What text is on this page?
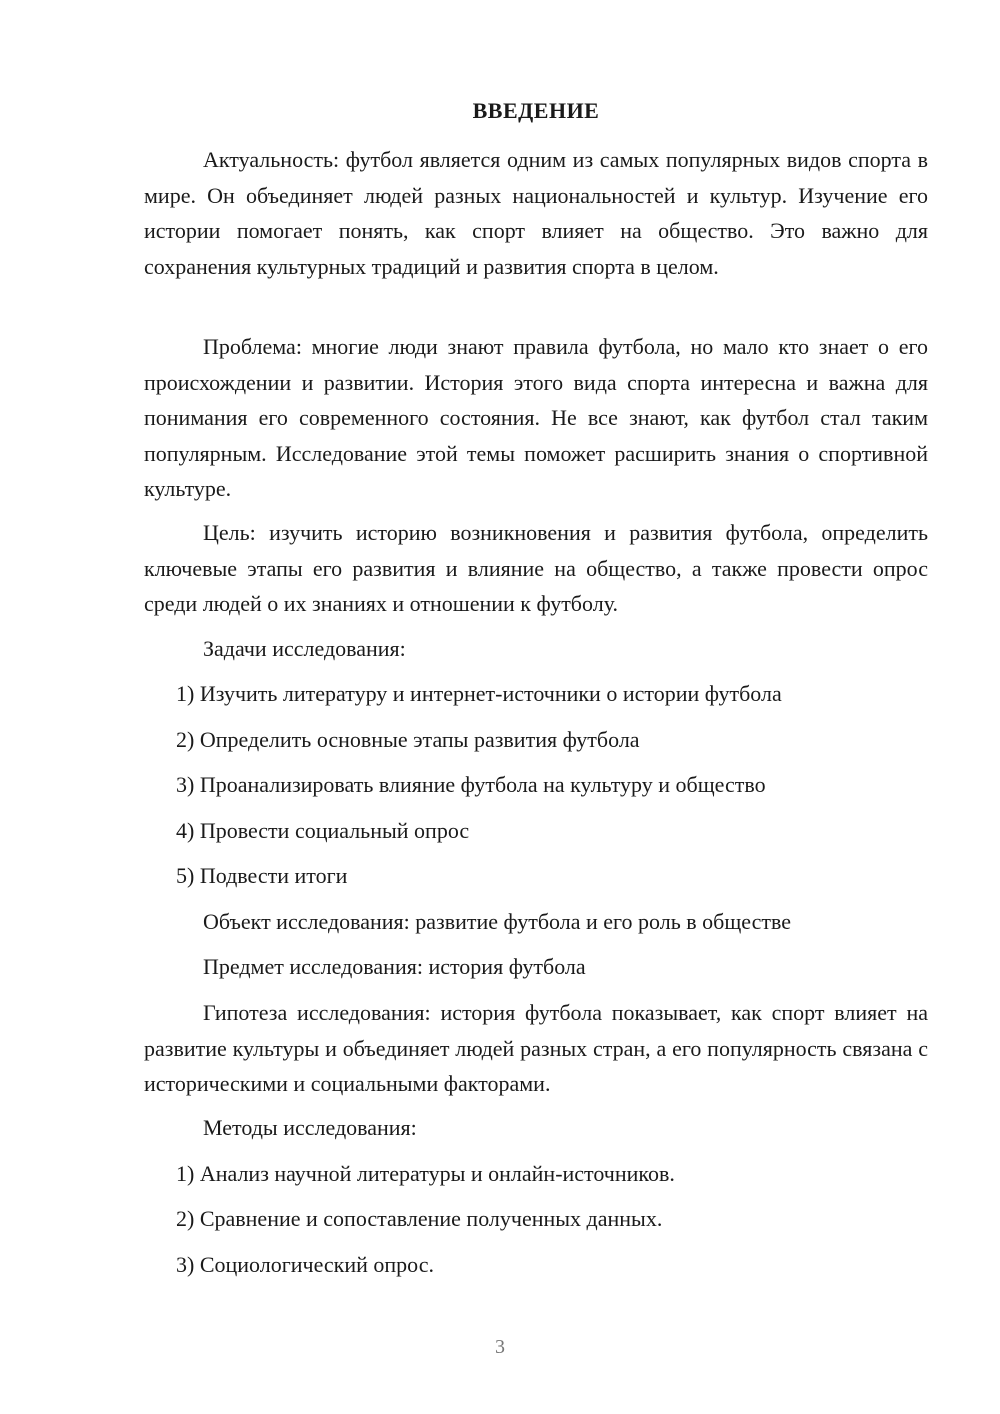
ВВЕДЕНИЕ

Актуальность: футбол является одним из самых популярных видов спорта в мире. Он объединяет людей разных национальностей и культур. Изучение его истории помогает понять, как спорт влияет на общество. Это важно для сохранения культурных традиций и развития спорта в целом.

Проблема: многие люди знают правила футбола, но мало кто знает о его происхождении и развитии. История этого вида спорта интересна и важна для понимания его современного состояния. Не все знают, как футбол стал таким популярным. Исследование этой темы поможет расширить знания о спортивной культуре.

Цель: изучить историю возникновения и развития футбола, определить ключевые этапы его развития и влияние на общество, а также провести опрос среди людей о их знаниях и отношении к футболу.

Задачи исследования:
1) Изучить литературу и интернет-источники о истории футбола
2) Определить основные этапы развития футбола
3) Проанализировать влияние футбола на культуру и общество
4) Провести социальный опрос
5) Подвести итоги
Объект исследования: развитие футбола и его роль в обществе
Предмет исследования: история футбола

Гипотеза исследования: история футбола показывает, как спорт влияет на развитие культуры и объединяет людей разных стран, а его популярность связана с историческими и социальными факторами.

Методы исследования:
1) Анализ научной литературы и онлайн-источников.
2) Сравнение и сопоставление полученных данных.
3) Социологический опрос.
3
